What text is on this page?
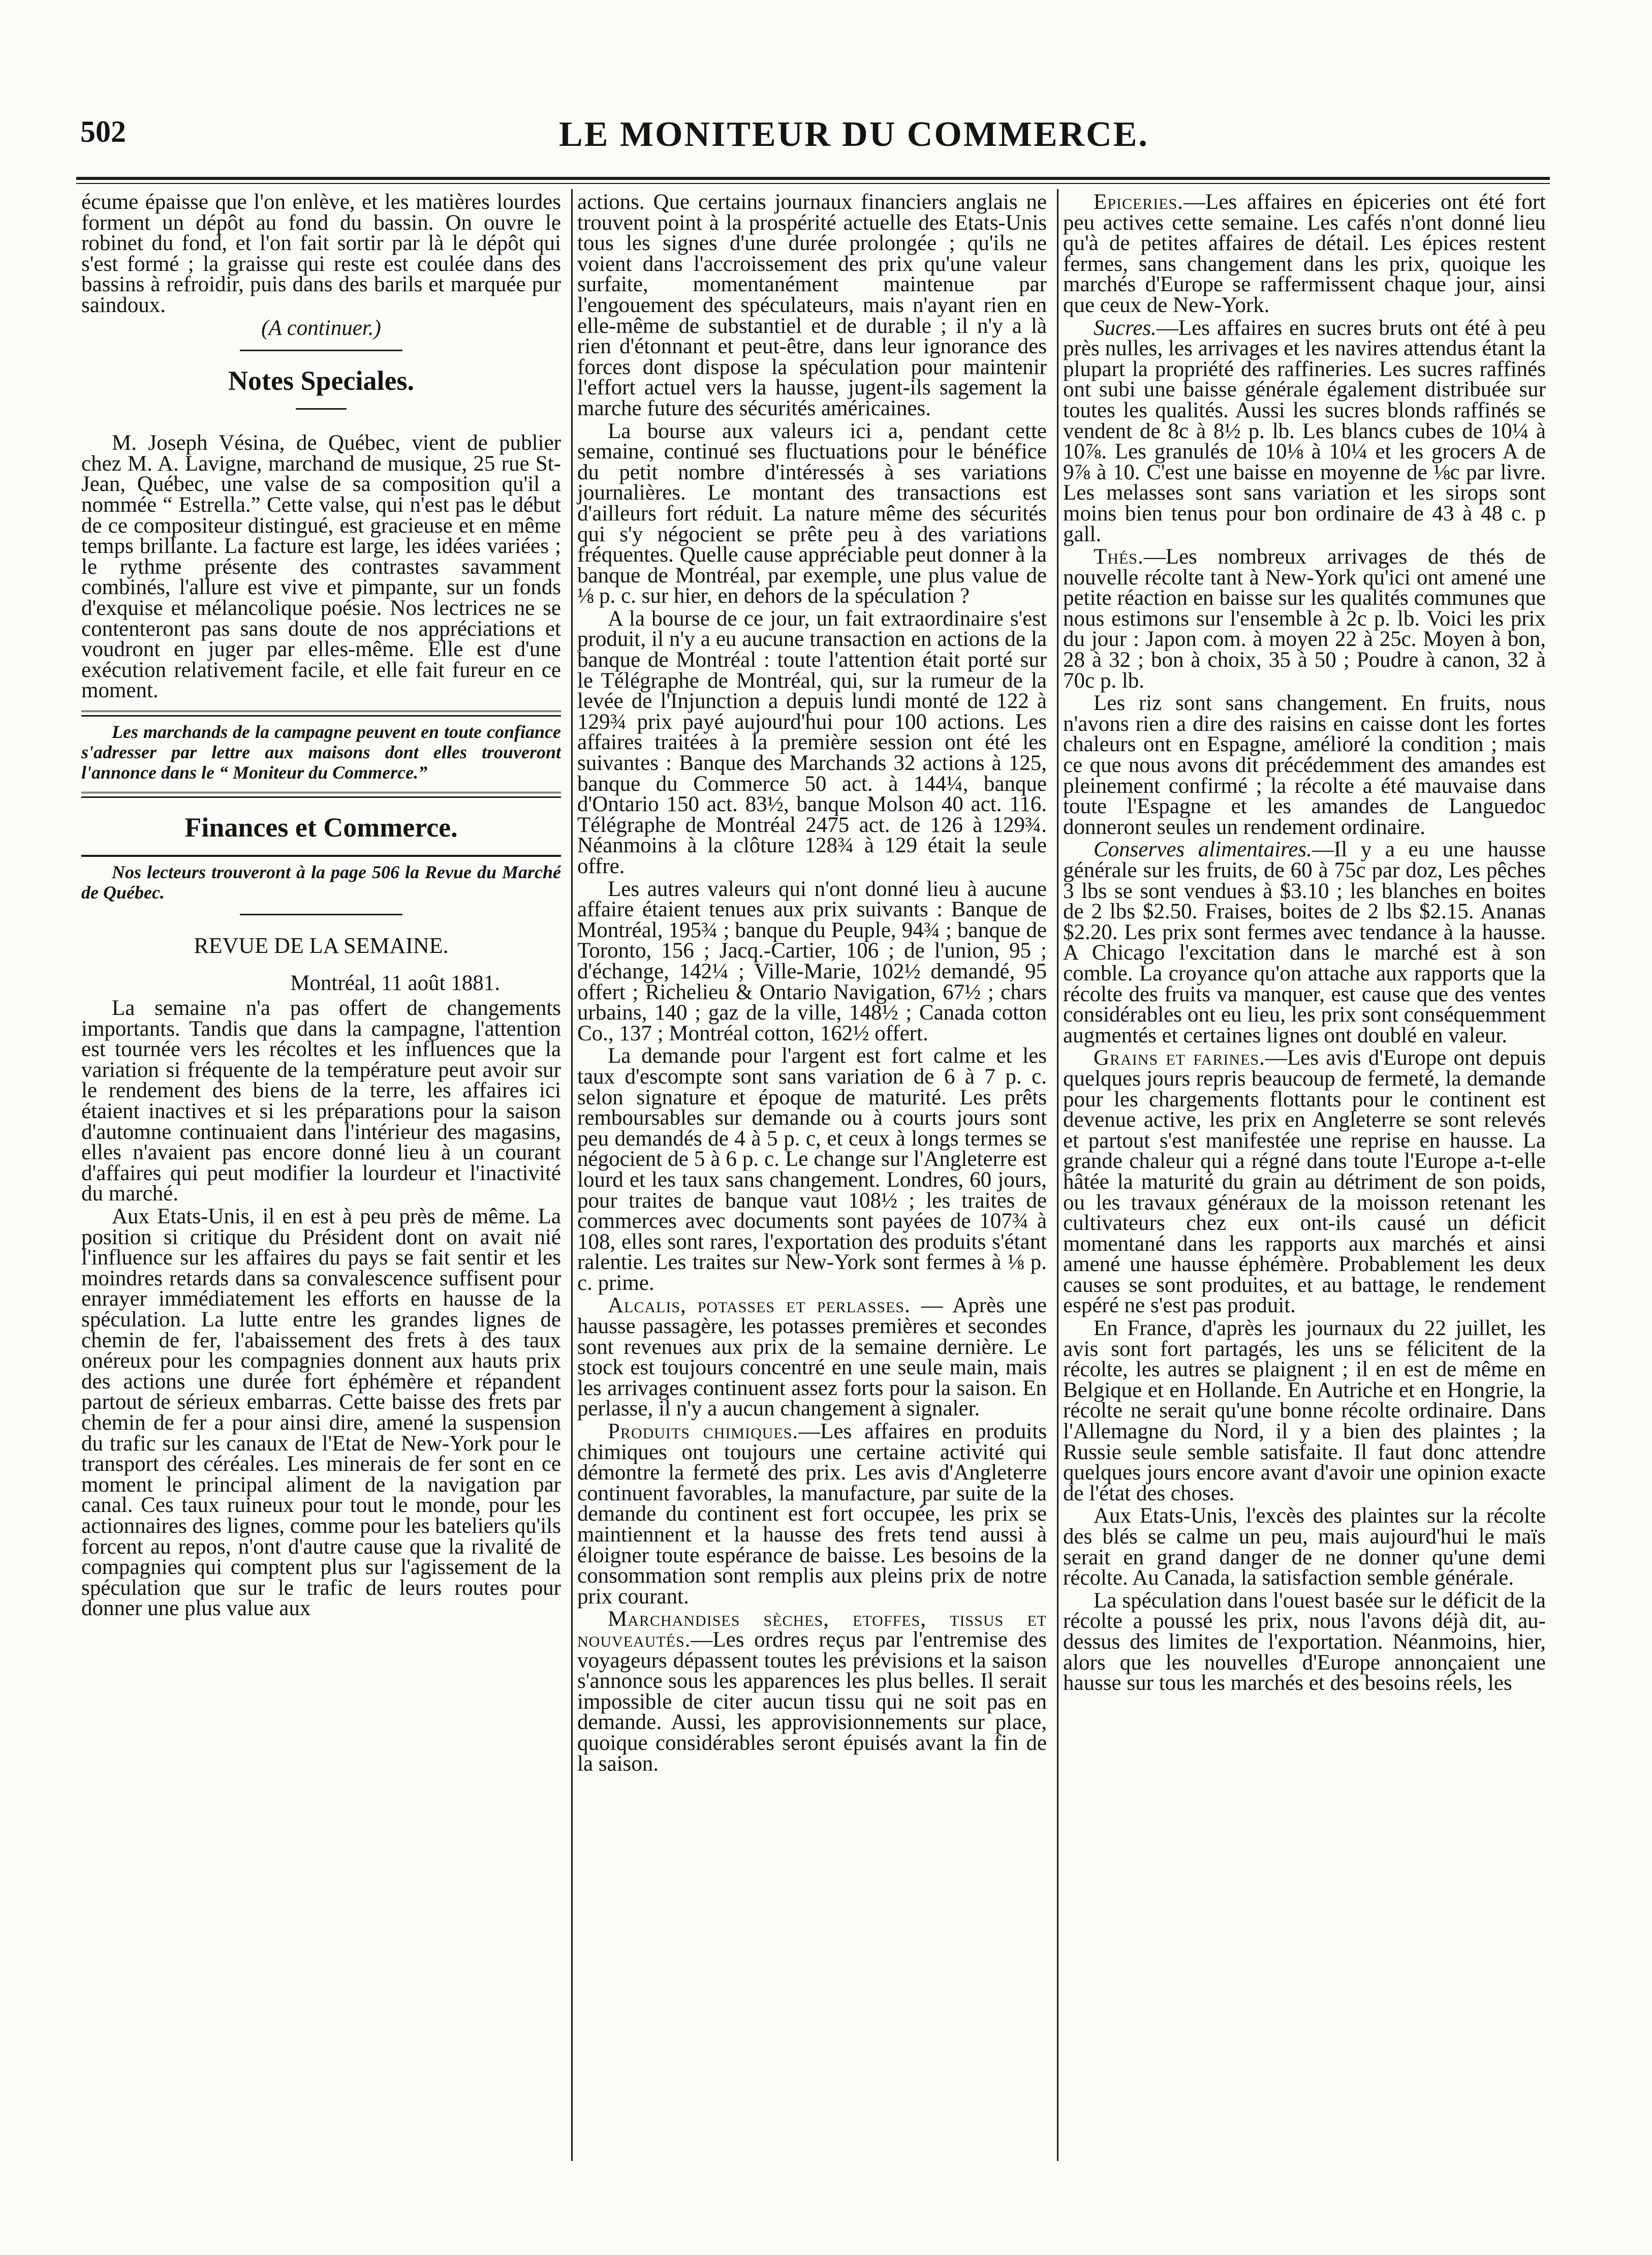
502	LE MONITEUR DU COMMERCE.

écume épaisse que l'on enlève, et les matières lourdes forment un dépôt au fond du bassin. On ouvre le robinet du fond, et l'on fait sortir par là le dépôt qui s'est formé ; la graisse qui reste est coulée dans des bassins à refroidir, puis dans des barils et marquée pur saindoux.

(A continuer.)

Notes Speciales.

M. Joseph Vésina, de Québec, vient de publier chez M. A. Lavigne, marchand de musique, 25 rue St-Jean, Québec, une valse de sa composition qu'il a nommée “ Estrella.” Cette valse, qui n'est pas le début de ce compositeur distingué, est gracieuse et en même temps brillante. La facture est large, les idées variées ; le rythme présente des contrastes savamment combinés, l'allure est vive et pimpante, sur un fonds d'exquise et mélancolique poésie. Nos lectrices ne se contenteront pas sans doute de nos appréciations et voudront en juger par elles-même. Elle est d'une exécution relativement facile, et elle fait fureur en ce moment.

Les marchands de la campagne peuvent en toute confiance s'adresser par lettre aux maisons dont elles trouveront l'annonce dans le “ Moniteur du Commerce.”

Finances et Commerce.

Nos lecteurs trouveront à la page 506 la Revue du Marché de Québec.

REVUE DE LA SEMAINE.
Montréal, 11 août 1881.

La semaine n'a pas offert de changements importants. Tandis que dans la campagne, l'attention est tournée vers les récoltes et les influences que la variation si fréquente de la température peut avoir sur le rendement des biens de la terre, les affaires ici étaient inactives et si les préparations pour la saison d'automne continuaient dans l'intérieur des magasins, elles n'avaient pas encore donné lieu à un courant d'affaires qui peut modifier la lourdeur et l'inactivité du marché.

Aux Etats-Unis, il en est à peu près de même. La position si critique du Président dont on avait nié l'influence sur les affaires du pays se fait sentir et les moindres retards dans sa convalescence suffisent pour enrayer immédiatement les efforts en hausse de la spéculation. La lutte entre les grandes lignes de chemin de fer, l'abaissement des frets à des taux onéreux pour les compagnies donnent aux hauts prix des actions une durée fort éphémère et répandent partout de sérieux embarras. Cette baisse des frets par chemin de fer a pour ainsi dire, amené la suspension du trafic sur les canaux de l'Etat de New-York pour le transport des céréales. Les minerais de fer sont en ce moment le principal aliment de la navigation par canal. Ces taux ruineux pour tout le monde, pour les actionnaires des lignes, comme pour les bateliers qu'ils forcent au repos, n'ont d'autre cause que la rivalité de compagnies qui comptent plus sur l'agissement de la spéculation que sur le trafic de leurs routes pour donner une plus value aux

actions. Que certains journaux financiers anglais ne trouvent point à la prospérité actuelle des Etats-Unis tous les signes d'une durée prolongée ; qu'ils ne voient dans l'accroissement des prix qu'une valeur surfaite, momentanément maintenue par l'engouement des spéculateurs, mais n'ayant rien en elle-même de substantiel et de durable ; il n'y a là rien d'étonnant et peut-être, dans leur ignorance des forces dont dispose la spéculation pour maintenir l'effort actuel vers la hausse, jugent-ils sagement la marche future des sécurités américaines.

La bourse aux valeurs ici a, pendant cette semaine, continué ses fluctuations pour le bénéfice du petit nombre d'intéressés à ses variations journalières. Le montant des transactions est d'ailleurs fort réduit. La nature même des sécurités qui s'y négocient se prête peu à des variations fréquentes. Quelle cause appréciable peut donner à la banque de Montréal, par exemple, une plus value de ⅛ p. c. sur hier, en dehors de la spéculation ?

A la bourse de ce jour, un fait extraordinaire s'est produit, il n'y a eu aucune transaction en actions de la banque de Montréal : toute l'attention était porté sur le Télégraphe de Montréal, qui, sur la rumeur de la levée de l'Injunction a depuis lundi monté de 122 à 129¾ prix payé aujourd'hui pour 100 actions. Les affaires traitées à la première session ont été les suivantes : Banque des Marchands 32 actions à 125, banque du Commerce 50 act. à 144¼, banque d'Ontario 150 act. 83½, banque Molson 40 act. 116. Télégraphe de Montréal 2475 act. de 126 à 129¾. Néanmoins à la clôture 128¾ à 129 était la seule offre.

Les autres valeurs qui n'ont donné lieu à aucune affaire étaient tenues aux prix suivants : Banque de Montréal, 195¾ ; banque du Peuple, 94¾ ; banque de Toronto, 156 ; Jacq.-Cartier, 106 ; de l'union, 95 ; d'échange, 142¼ ; Ville-Marie, 102½ demandé, 95 offert ; Richelieu & Ontario Navigation, 67½ ; chars urbains, 140 ; gaz de la ville, 148½ ; Canada cotton Co., 137 ; Montréal cotton, 162½ offert.

La demande pour l'argent est fort calme et les taux d'escompte sont sans variation de 6 à 7 p. c. selon signature et époque de maturité. Les prêts remboursables sur demande ou à courts jours sont peu demandés de 4 à 5 p. c, et ceux à longs termes se négocient de 5 à 6 p. c. Le change sur l'Angleterre est lourd et les taux sans changement. Londres, 60 jours, pour traites de banque vaut 108½ ; les traites de commerces avec documents sont payées de 107¾ à 108, elles sont rares, l'exportation des produits s'étant ralentie. Les traites sur New-York sont fermes à ⅛ p. c. prime.

Alcalis, potasses et perlasses. — Après une hausse passagère, les potasses premières et secondes sont revenues aux prix de la semaine dernière. Le stock est toujours concentré en une seule main, mais les arrivages continuent assez forts pour la saison. En perlasse, il n'y a aucun changement à signaler.

Produits chimiques.—Les affaires en produits chimiques ont toujours une certaine activité qui démontre la fermeté des prix. Les avis d'Angleterre continuent favorables, la manufacture, par suite de la demande du continent est fort occupée, les prix se maintiennent et la hausse des frets tend aussi à éloigner toute espérance de baisse. Les besoins de la consommation sont remplis aux pleins prix de notre prix courant.

Marchandises sèches, etoffes, tissus et nouveautés.—Les ordres reçus par l'entremise des voyageurs dépassent toutes les prévisions et la saison s'annonce sous les apparences les plus belles. Il serait impossible de citer aucun tissu qui ne soit pas en demande. Aussi, les approvisionnements sur place, quoique considérables seront épuisés avant la fin de la saison.

Epiceries.—Les affaires en épiceries ont été fort peu actives cette semaine. Les cafés n'ont donné lieu qu'à de petites affaires de détail. Les épices restent fermes, sans changement dans les prix, quoique les marchés d'Europe se raffermissent chaque jour, ainsi que ceux de New-York.

Sucres.—Les affaires en sucres bruts ont été à peu près nulles, les arrivages et les navires attendus étant la plupart la propriété des raffineries. Les sucres raffinés ont subi une baisse générale également distribuée sur toutes les qualités. Aussi les sucres blonds raffinés se vendent de 8c à 8½ p. lb. Les blancs cubes de 10¼ à 10⅞. Les granulés de 10⅛ à 10¼ et les grocers A de 9⅞ à 10. C'est une baisse en moyenne de ⅛c par livre. Les melasses sont sans variation et les sirops sont moins bien tenus pour bon ordinaire de 43 à 48 c. p gall.

Thés.—Les nombreux arrivages de thés de nouvelle récolte tant à New-York qu'ici ont amené une petite réaction en baisse sur les qualités communes que nous estimons sur l'ensemble à 2c p. lb. Voici les prix du jour : Japon com. à moyen 22 à 25c. Moyen à bon, 28 à 32 ; bon à choix, 35 à 50 ; Poudre à canon, 32 à 70c p. lb.

Les riz sont sans changement. En fruits, nous n'avons rien a dire des raisins en caisse dont les fortes chaleurs ont en Espagne, amélioré la condition ; mais ce que nous avons dit précédemment des amandes est pleinement confirmé ; la récolte a été mauvaise dans toute l'Espagne et les amandes de Languedoc donneront seules un rendement ordinaire.

Conserves alimentaires.—Il y a eu une hausse générale sur les fruits, de 60 à 75c par doz, Les pêches 3 lbs se sont vendues à $3.10 ; les blanches en boites de 2 lbs $2.50. Fraises, boites de 2 lbs $2.15. Ananas $2.20. Les prix sont fermes avec tendance à la hausse. A Chicago l'excitation dans le marché est à son comble. La croyance qu'on attache aux rapports que la récolte des fruits va manquer, est cause que des ventes considérables ont eu lieu, les prix sont conséquemment augmentés et certaines lignes ont doublé en valeur.

Grains et farines.—Les avis d'Europe ont depuis quelques jours repris beaucoup de fermeté, la demande pour les chargements flottants pour le continent est devenue active, les prix en Angleterre se sont relevés et partout s'est manifestée une reprise en hausse. La grande chaleur qui a régné dans toute l'Europe a-t-elle hâtée la maturité du grain au détriment de son poids, ou les travaux généraux de la moisson retenant les cultivateurs chez eux ont-ils causé un déficit momentané dans les rapports aux marchés et ainsi amené une hausse éphémère. Probablement les deux causes se sont produites, et au battage, le rendement espéré ne s'est pas produit.

En France, d'après les journaux du 22 juillet, les avis sont fort partagés, les uns se félicitent de la récolte, les autres se plaignent ; il en est de même en Belgique et en Hollande. En Autriche et en Hongrie, la récolte ne serait qu'une bonne récolte ordinaire. Dans l'Allemagne du Nord, il y a bien des plaintes ; la Russie seule semble satisfaite. Il faut donc attendre quelques jours encore avant d'avoir une opinion exacte de l'état des choses.

Aux Etats-Unis, l'excès des plaintes sur la récolte des blés se calme un peu, mais aujourd'hui le maïs serait en grand danger de ne donner qu'une demi récolte. Au Canada, la satisfaction semble générale.

La spéculation dans l'ouest basée sur le déficit de la récolte a poussé les prix, nous l'avons déjà dit, au-dessus des limites de l'exportation. Néanmoins, hier, alors que les nouvelles d'Europe annonçaient une hausse sur tous les marchés et des besoins réels, les
